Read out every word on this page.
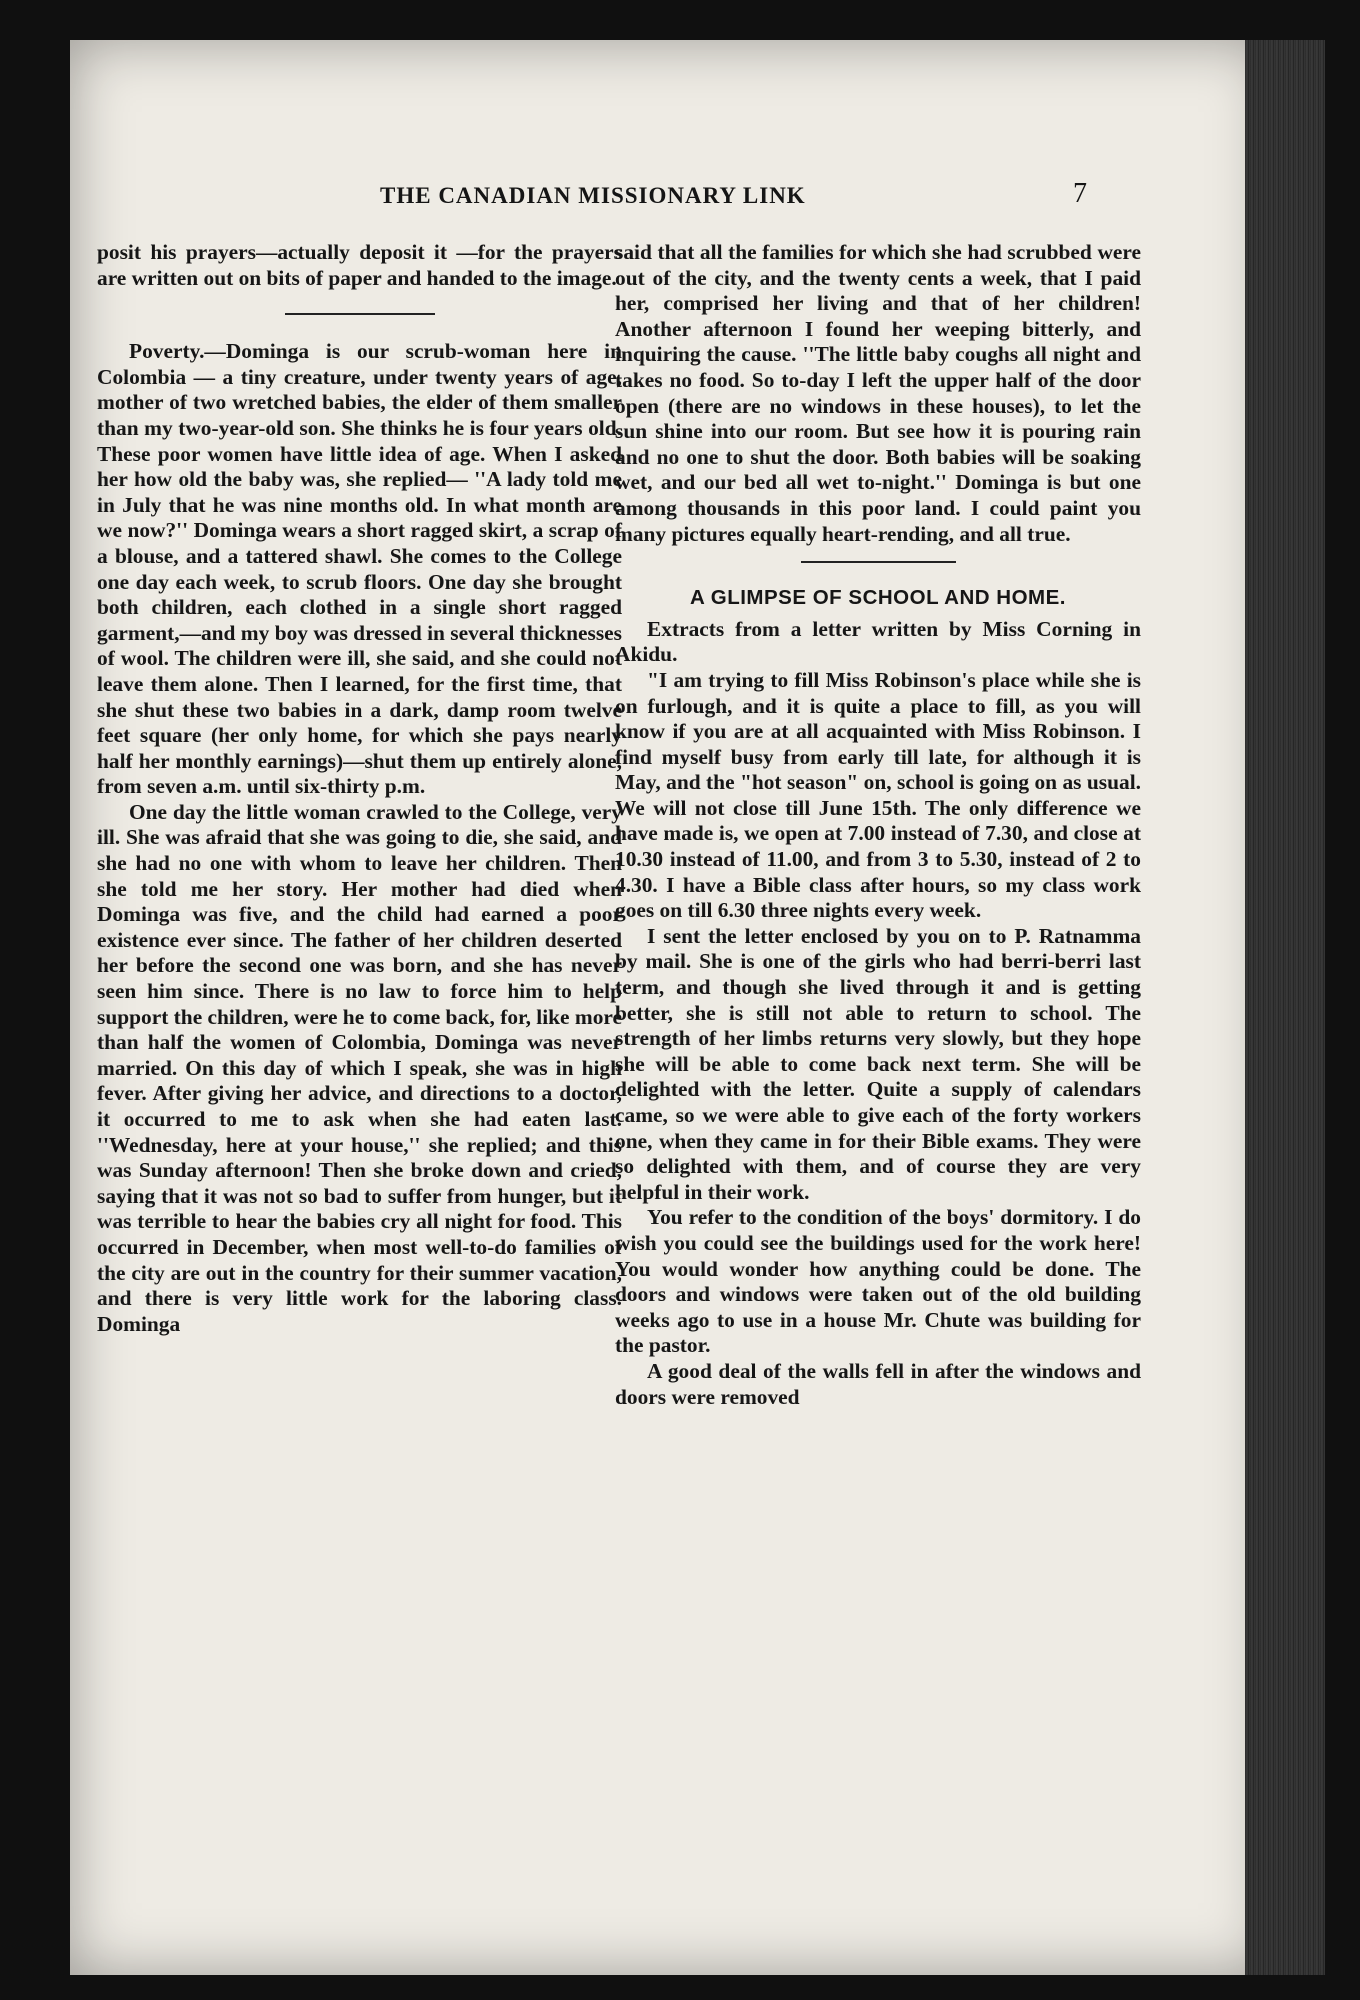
THE CANADIAN MISSIONARY LINK	7

posit his prayers—actually deposit it —for the prayers are written out on bits of paper and handed to the image.

Poverty.—Dominga is our scrub-woman here in Colombia — a tiny creature, under twenty years of age, mother of two wretched babies, the elder of them smaller than my two-year-old son. She thinks he is four years old. These poor women have little idea of age. When I asked her how old the baby was, she replied— ''A lady told me in July that he was nine months old. In what month are we now?'' Dominga wears a short ragged skirt, a scrap of a blouse, and a tattered shawl. She comes to the College one day each week, to scrub floors. One day she brought both children, each clothed in a single short ragged garment,—and my boy was dressed in several thicknesses of wool. The children were ill, she said, and she could not leave them alone. Then I learned, for the first time, that she shut these two babies in a dark, damp room twelve feet square (her only home, for which she pays nearly half her monthly earnings)—shut them up entirely alone, from seven a.m. until six-thirty p.m.

One day the little woman crawled to the College, very ill. She was afraid that she was going to die, she said, and she had no one with whom to leave her children. Then she told me her story. Her mother had died when Dominga was five, and the child had earned a poor existence ever since. The father of her children deserted her before the second one was born, and she has never seen him since. There is no law to force him to help support the children, were he to come back, for, like more than half the women of Colombia, Dominga was never married. On this day of which I speak, she was in high fever. After giving her advice, and directions to a doctor, it occurred to me to ask when she had eaten last. ''Wednesday, here at your house,'' she replied; and this was Sunday afternoon! Then she broke down and cried, saying that it was not so bad to suffer from hunger, but it was terrible to hear the babies cry all night for food. This occurred in December, when most well-to-do families of the city are out in the country for their summer vacation, and there is very little work for the laboring class. Dominga

said that all the families for which she had scrubbed were out of the city, and the twenty cents a week, that I paid her, comprised her living and that of her children! Another afternoon I found her weeping bitterly, and inquiring the cause. ''The little baby coughs all night and takes no food. So to-day I left the upper half of the door open (there are no windows in these houses), to let the sun shine into our room. But see how it is pouring rain and no one to shut the door. Both babies will be soaking wet, and our bed all wet to-night.'' Dominga is but one among thousands in this poor land. I could paint you many pictures equally heart-rending, and all true.

A GLIMPSE OF SCHOOL AND HOME.

Extracts from a letter written by Miss Corning in Akidu.

"I am trying to fill Miss Robinson's place while she is on furlough, and it is quite a place to fill, as you will know if you are at all acquainted with Miss Robinson. I find myself busy from early till late, for although it is May, and the "hot season" on, school is going on as usual. We will not close till June 15th. The only difference we have made is, we open at 7.00 instead of 7.30, and close at 10.30 instead of 11.00, and from 3 to 5.30, instead of 2 to 4.30. I have a Bible class after hours, so my class work goes on till 6.30 three nights every week.

I sent the letter enclosed by you on to P. Ratnamma by mail. She is one of the girls who had berri-berri last term, and though she lived through it and is getting better, she is still not able to return to school. The strength of her limbs returns very slowly, but they hope she will be able to come back next term. She will be delighted with the letter. Quite a supply of calendars came, so we were able to give each of the forty workers one, when they came in for their Bible exams. They were so delighted with them, and of course they are very helpful in their work.

You refer to the condition of the boys' dormitory. I do wish you could see the buildings used for the work here! You would wonder how anything could be done. The doors and windows were taken out of the old building weeks ago to use in a house Mr. Chute was building for the pastor.

A good deal of the walls fell in after the windows and doors were removed
